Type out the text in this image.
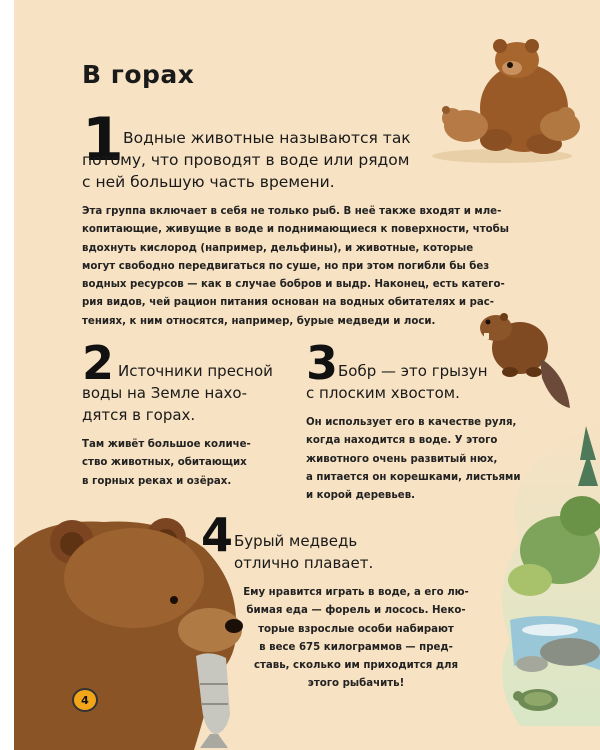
В горах
1 Водные животные называются так
потому, что проводят в воде или рядом
с ней большую часть времени.
Эта группа включает в себя не только рыб. В неё также входят и мле-
копитающие, живущие в воде и поднимающиеся к поверхности, чтобы
вдохнуть кислород (например, дельфины), и животные, которые
могут свободно передвигаться по суше, но при этом погибли бы без
водных ресурсов — как в случае бобров и выдр. Наконец, есть катего-
рия видов, чей рацион питания основан на водных обитателях и рас-
тениях, к ним относятся, например, бурые медведи и лоси.
2 Источники пресной
воды на Земле нахо-
дятся в горах.
Там живёт большое количе-
ство животных, обитающих
в горных реках и озёрах.
3 Бобр — это грызун
с плоским хвостом.
Он использует его в качестве руля,
когда находится в воде. У этого
животного очень развитый нюх,
а питается он корешками, листьями
и корой деревьев.
4 Бурый медведь
отлично плавает.
Ему нравится играть в воде, а его лю-
бимая еда — форель и лосось. Неко-
торые взрослые особи набирают
в весе 675 килограммов — пред-
ставь, сколько им приходится для
этого рыбачить!
4
